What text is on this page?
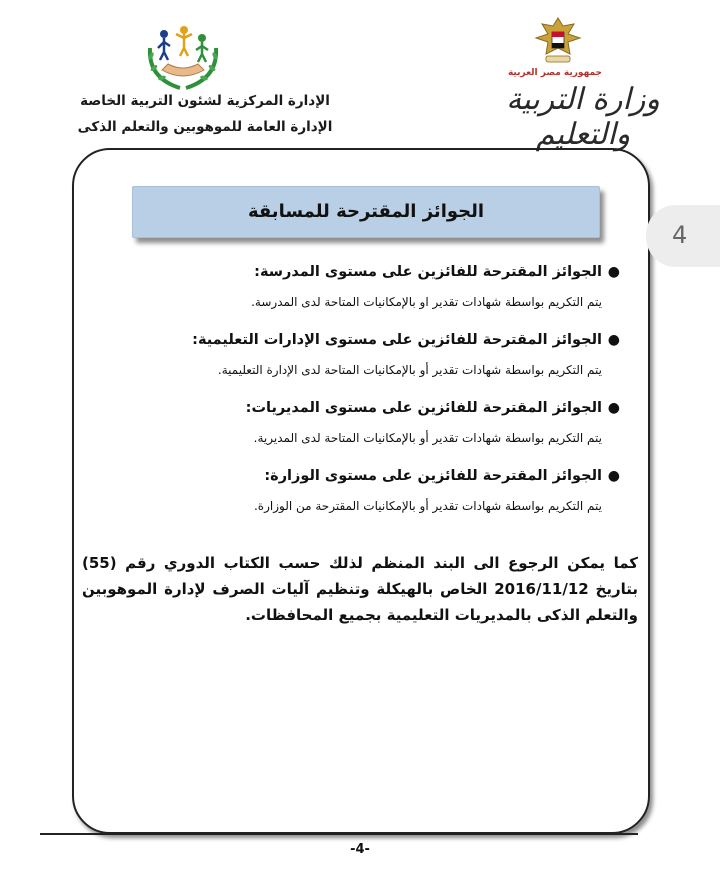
جمهورية مصر العربية
وزارة التربية والتعليم
الإدارة المركزية لشئون التربية الخاصة
الإدارة العامة للموهوبين والتعلم الذكى
4
الجوائز المقترحة للمسابقة
●
الجوائز المقترحة للفائزين على مستوى المدرسة:
يتم التكريم بواسطة شهادات تقدير او بالإمكانيات المتاحة لدى المدرسة.
●
الجوائز المقترحة للفائزين على مستوى الإدارات التعليمية:
يتم التكريم بواسطة شهادات تقدير أو بالإمكانيات المتاحة لدى الإدارة التعليمية.
●
الجوائز المقترحة للفائزين على مستوى المديريات:
يتم التكريم بواسطة شهادات تقدير أو بالإمكانيات المتاحة لدى المديرية.
●
الجوائز المقترحة للفائزين على مستوى الوزارة:
يتم التكريم بواسطة شهادات تقدير أو بالإمكانيات المقترحة من الوزارة.
كما يمكن الرجوع الى البند المنظم لذلك حسب الكتاب الدوري رقم (55) بتاريخ 2016/11/12 الخاص بالهيكلة وتنظيم آليات الصرف لإدارة الموهوبين والتعلم الذكى بالمديريات التعليمية بجميع المحافظات.
-4-
